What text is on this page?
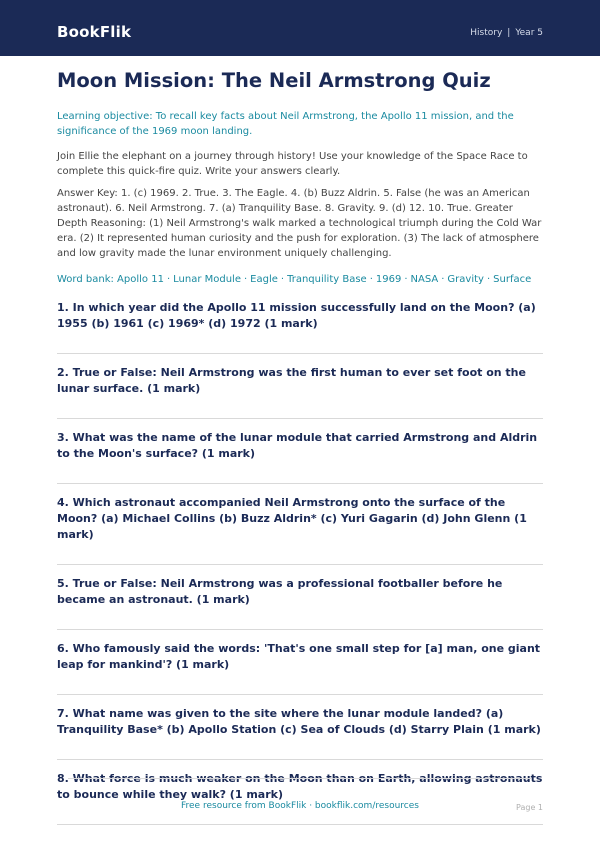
BookFlik	History | Year 5
Moon Mission: The Neil Armstrong Quiz

Learning objective: To recall key facts about Neil Armstrong, the Apollo 11 mission, and the significance of the 1969 moon landing.

Join Ellie the elephant on a journey through history! Use your knowledge of the Space Race to complete this quick-fire quiz. Write your answers clearly.

Answer Key: 1. (c) 1969. 2. True. 3. The Eagle. 4. (b) Buzz Aldrin. 5. False (he was an American astronaut). 6. Neil Armstrong. 7. (a) Tranquility Base. 8. Gravity. 9. (d) 12. 10. True. Greater Depth Reasoning: (1) Neil Armstrong's walk marked a technological triumph during the Cold War era. (2) It represented human curiosity and the push for exploration. (3) The lack of atmosphere and low gravity made the lunar environment uniquely challenging.

Word bank: Apollo 11 · Lunar Module · Eagle · Tranquility Base · 1969 · NASA · Gravity · Surface

1. In which year did the Apollo 11 mission successfully land on the Moon? (a) 1955 (b) 1961 (c) 1969* (d) 1972 (1 mark)

2. True or False: Neil Armstrong was the first human to ever set foot on the lunar surface. (1 mark)

3. What was the name of the lunar module that carried Armstrong and Aldrin to the Moon's surface? (1 mark)

4. Which astronaut accompanied Neil Armstrong onto the surface of the Moon? (a) Michael Collins (b) Buzz Aldrin* (c) Yuri Gagarin (d) John Glenn (1 mark)

5. True or False: Neil Armstrong was a professional footballer before he became an astronaut. (1 mark)

6. Who famously said the words: 'That's one small step for [a] man, one giant leap for mankind'? (1 mark)

7. What name was given to the site where the lunar module landed? (a) Tranquility Base* (b) Apollo Station (c) Sea of Clouds (d) Starry Plain (1 mark)

8. What force is much weaker on the Moon than on Earth, allowing astronauts to bounce while they walk? (1 mark)

Free resource from BookFlik · bookflik.com/resources	Page 1
